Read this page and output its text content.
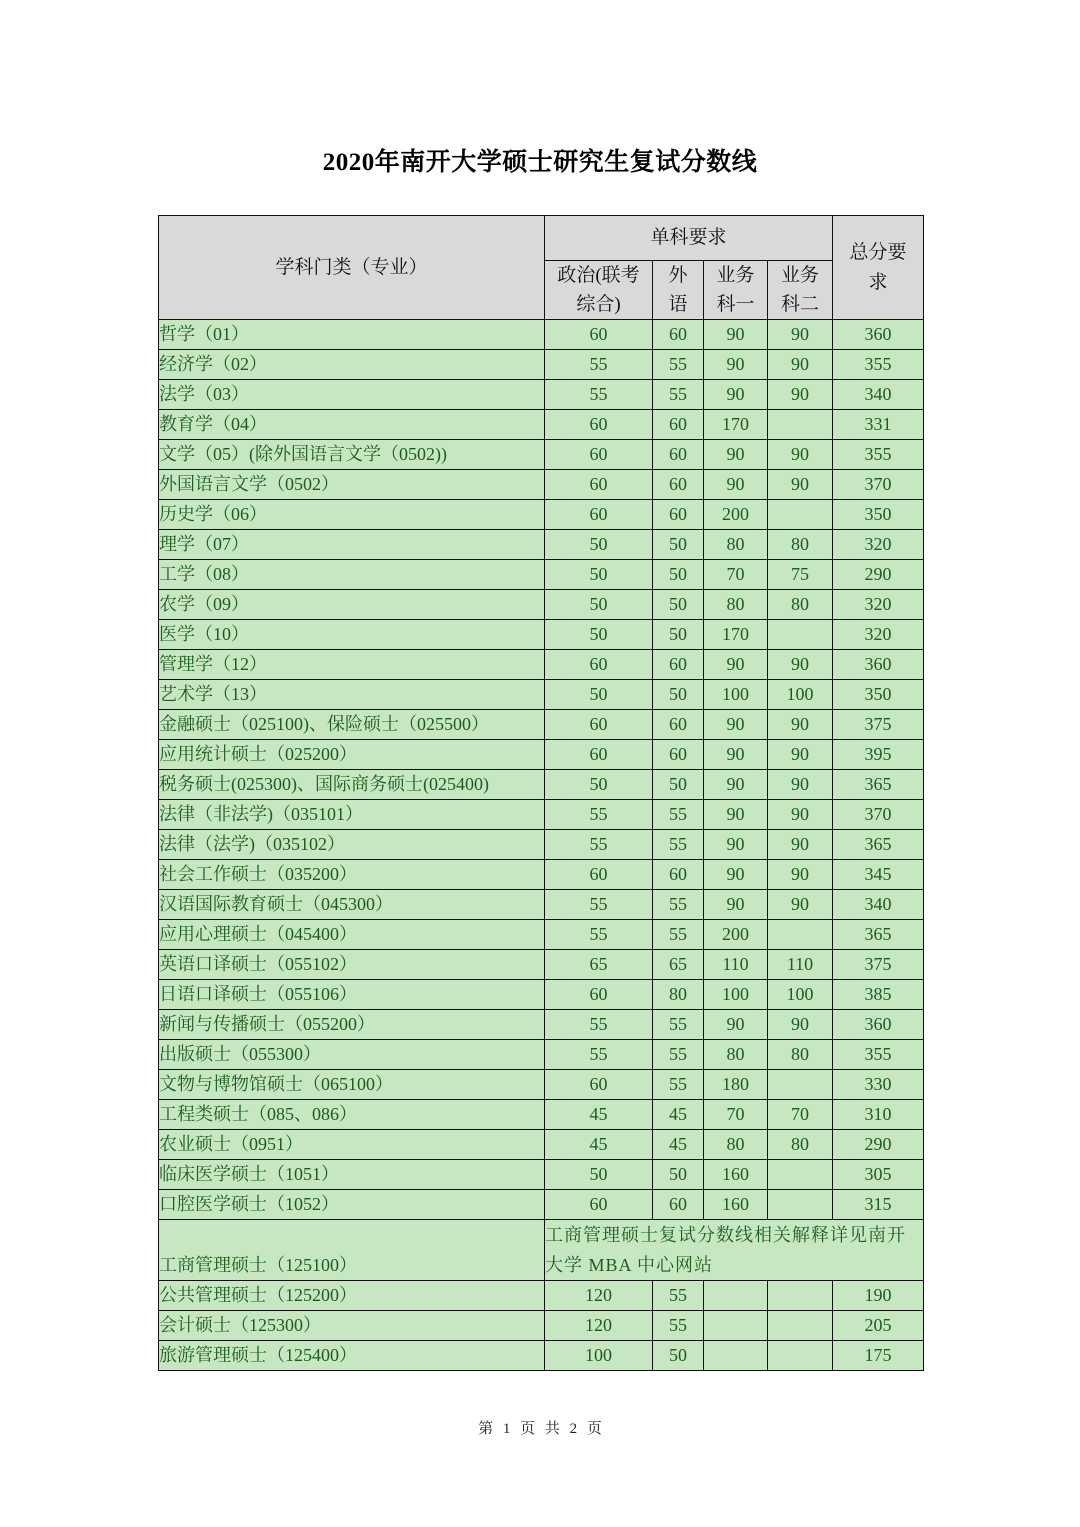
2020年南开大学硕士研究生复试分数线
学科门类（专业）	单科要求				总分要求

	政治(联考综合)	外语	业务科一	业务科二	

哲学（01）	60	60	90	90	360
经济学（02）	55	55	90	90	355
法学（03）	55	55	90	90	340
教育学（04）	60	60	170		331
文学（05）(除外国语言文学（0502))	60	60	90	90	355
外国语言文学（0502）	60	60	90	90	370
历史学（06）	60	60	200		350
理学（07）	50	50	80	80	320
工学（08）	50	50	70	75	290
农学（09）	50	50	80	80	320
医学（10）	50	50	170		320
管理学（12）	60	60	90	90	360
艺术学（13）	50	50	100	100	350
金融硕士（025100)、保险硕士（025500）	60	60	90	90	375
应用统计硕士（025200）	60	60	90	90	395
税务硕士(025300)、国际商务硕士(025400)	50	50	90	90	365
法律（非法学)（035101）	55	55	90	90	370
法律（法学)（035102）	55	55	90	90	365
社会工作硕士（035200）	60	60	90	90	345
汉语国际教育硕士（045300）	55	55	90	90	340
应用心理硕士（045400）	55	55	200		365
英语口译硕士（055102）	65	65	110	110	375
日语口译硕士（055106）	60	80	100	100	385
新闻与传播硕士（055200）	55	55	90	90	360
出版硕士（055300）	55	55	80	80	355
文物与博物馆硕士（065100）	60	55	180		330
工程类硕士（085、086）	45	45	70	70	310
农业硕士（0951）	45	45	80	80	290
临床医学硕士（1051）	50	50	160		305
口腔医学硕士（1052）	60	60	160		315
工商管理硕士（125100）	工商管理硕士复试分数线相关解释详见南开大学 MBA 中心网站				
公共管理硕士（125200）	120	55			190
会计硕士（125300）	120	55			205
旅游管理硕士（125400）	100	50			175
第 1 页 共 2 页
